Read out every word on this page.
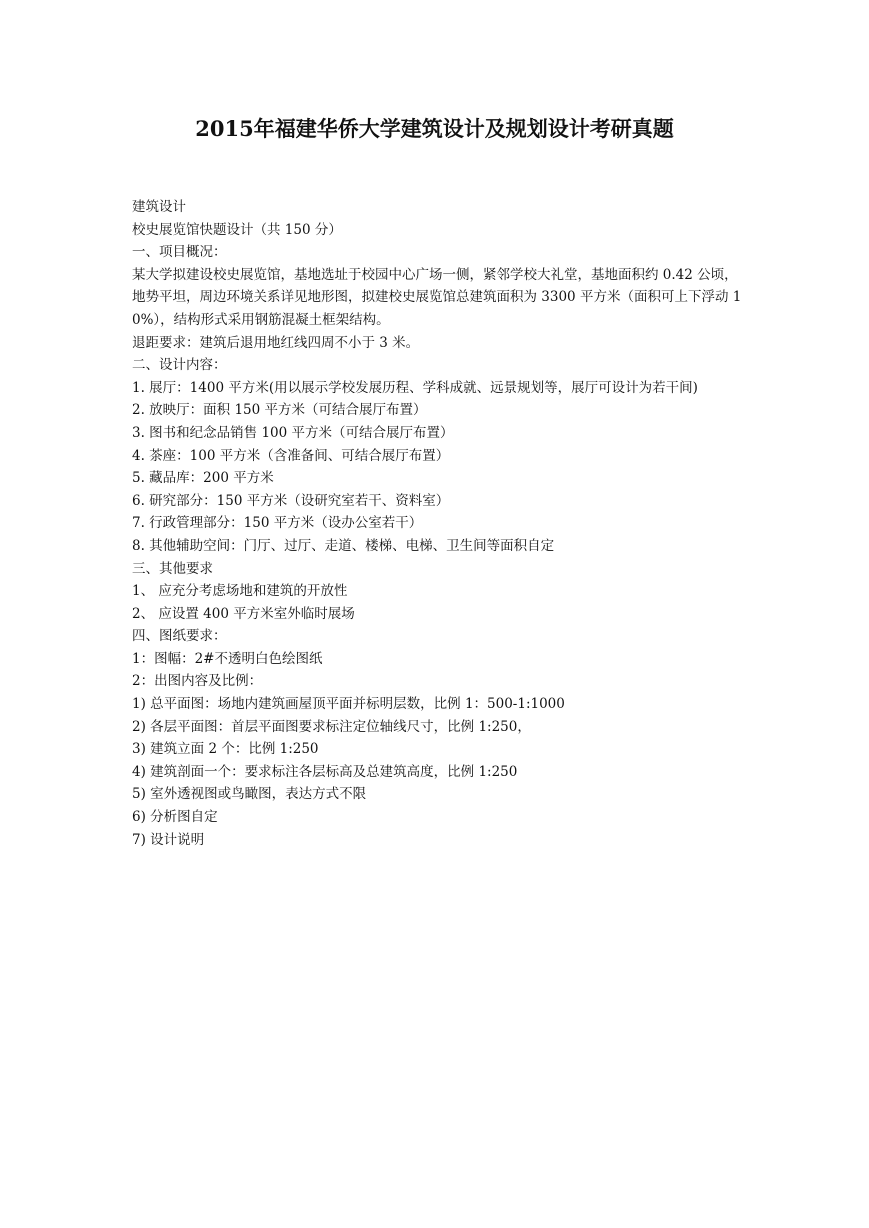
2015年福建华侨大学建筑设计及规划设计考研真题

建筑设计

校史展览馆快题设计（共 150 分）

一、项目概况：

某大学拟建设校史展览馆，基地选址于校园中心广场一侧，紧邻学校大礼堂，基地面积约 0.42 公顷，地势平坦，周边环境关系详见地形图，拟建校史展览馆总建筑面积为 3300 平方米（面积可上下浮动 10%），结构形式采用钢筋混凝土框架结构。

退距要求：建筑后退用地红线四周不小于 3 米。

二、设计内容：

1. 展厅：1400 平方米(用以展示学校发展历程、学科成就、远景规划等，展厅可设计为若干间)

2. 放映厅：面积 150 平方米（可结合展厅布置）

3. 图书和纪念品销售 100 平方米（可结合展厅布置）

4. 茶座：100 平方米（含准备间、可结合展厅布置）

5. 藏品库：200 平方米

6. 研究部分：150 平方米（设研究室若干、资料室）

7. 行政管理部分：150 平方米（设办公室若干）

8. 其他辅助空间：门厅、过厅、走道、楼梯、电梯、卫生间等面积自定

三、其他要求

1、 应充分考虑场地和建筑的开放性

2、 应设置 400 平方米室外临时展场

四、图纸要求：

1：图幅：2#不透明白色绘图纸

2：出图内容及比例：

1) 总平面图：场地内建筑画屋顶平面并标明层数，比例 1：500-1:1000

2) 各层平面图：首层平面图要求标注定位轴线尺寸，比例 1:250，

3) 建筑立面 2 个：比例 1:250

4) 建筑剖面一个：要求标注各层标高及总建筑高度，比例 1:250

5) 室外透视图或鸟瞰图，表达方式不限

6) 分析图自定

7) 设计说明
